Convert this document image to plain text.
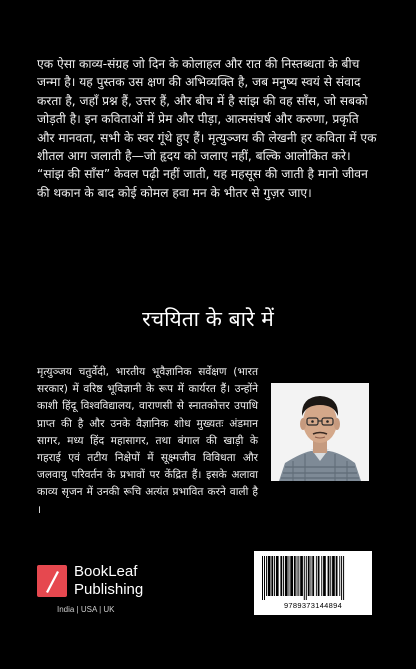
एक ऐसा काव्य-संग्रह जो दिन के कोलाहल और रात की निस्तब्धता के बीच जन्मा है। यह पुस्तक उस क्षण की अभिव्यक्ति है, जब मनुष्य स्वयं से संवाद करता है, जहाँ प्रश्न हैं, उत्तर हैं, और बीच में है सांझ की वह साँस, जो सबको जोड़ती है। इन कविताओं में प्रेम और पीड़ा, आत्मसंघर्ष और करुणा, प्रकृति और मानवता, सभी के स्वर गूंथे हुए हैं। मृत्युञ्जय की लेखनी हर कविता में एक शीतल आग जलाती है—जो हृदय को जलाए नहीं, बल्कि आलोकित करे। “सांझ की साँस” केवल पढ़ी नहीं जाती, यह महसूस की जाती है मानो जीवन की थकान के बाद कोई कोमल हवा मन के भीतर से गुज़र जाए।

रचयिता के बारे में

मृत्युञ्जय चतुर्वेदी, भारतीय भूवैज्ञानिक सर्वेक्षण (भारत सरकार) में वरिष्ठ भूविज्ञानी के रूप में कार्यरत हैं। उन्होंने काशी हिंदू विश्वविद्यालय, वाराणसी से स्नातकोत्तर उपाधि प्राप्त की है और उनके वैज्ञानिक शोध मुख्यतः अंडमान सागर, मध्य हिंद महासागर, तथा बंगाल की खाड़ी के गहराई एवं तटीय निक्षेपों में सूक्ष्मजीव विविधता और जलवायु परिवर्तन के प्रभावों पर केंद्रित हैं। इसके अलावा काव्य सृजन में उनकी रूचि अत्यंत प्रभावित करने वाली है ।

BookLeaf
Publishing
India | USA | UK	9789373144894
